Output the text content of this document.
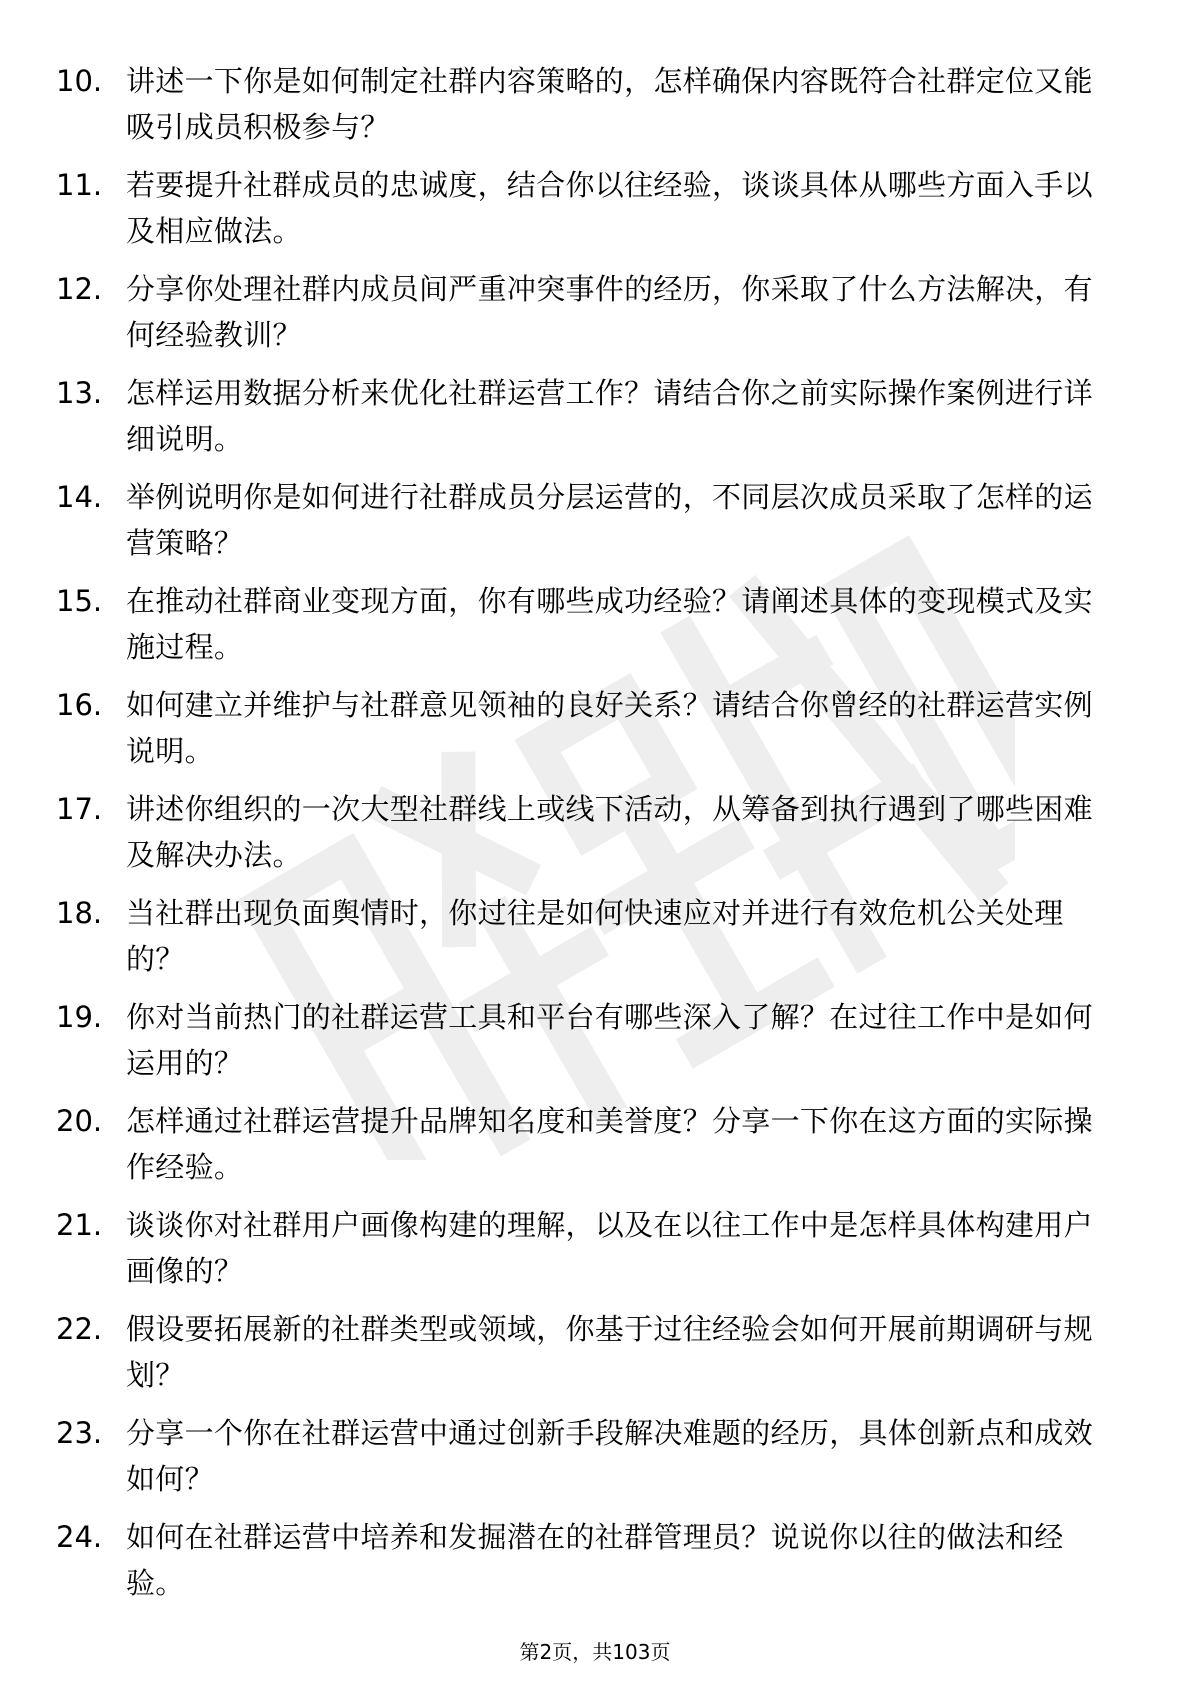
10. 讲述一下你是如何制定社群内容策略的，怎样确保内容既符合社群定位又能吸引成员积极参与？
11. 若要提升社群成员的忠诚度，结合你以往经验，谈谈具体从哪些方面入手以及相应做法。
12. 分享你处理社群内成员间严重冲突事件的经历，你采取了什么方法解决，有何经验教训？
13. 怎样运用数据分析来优化社群运营工作？请结合你之前实际操作案例进行详细说明。
14. 举例说明你是如何进行社群成员分层运营的，不同层次成员采取了怎样的运营策略？
15. 在推动社群商业变现方面，你有哪些成功经验？请阐述具体的变现模式及实施过程。
16. 如何建立并维护与社群意见领袖的良好关系？请结合你曾经的社群运营实例说明。
17. 讲述你组织的一次大型社群线上或线下活动，从筹备到执行遇到了哪些困难及解决办法。
18. 当社群出现负面舆情时，你过往是如何快速应对并进行有效危机公关处理的？
19. 你对当前热门的社群运营工具和平台有哪些深入了解？在过往工作中是如何运用的？
20. 怎样通过社群运营提升品牌知名度和美誉度？分享一下你在这方面的实际操作经验。
21. 谈谈你对社群用户画像构建的理解，以及在以往工作中是怎样具体构建用户画像的？
22. 假设要拓展新的社群类型或领域，你基于过往经验会如何开展前期调研与规划？
23. 分享一个你在社群运营中通过创新手段解决难题的经历，具体创新点和成效如何？
24. 如何在社群运营中培养和发掘潜在的社群管理员？说说你以往的做法和经验。
第2页，共103页
